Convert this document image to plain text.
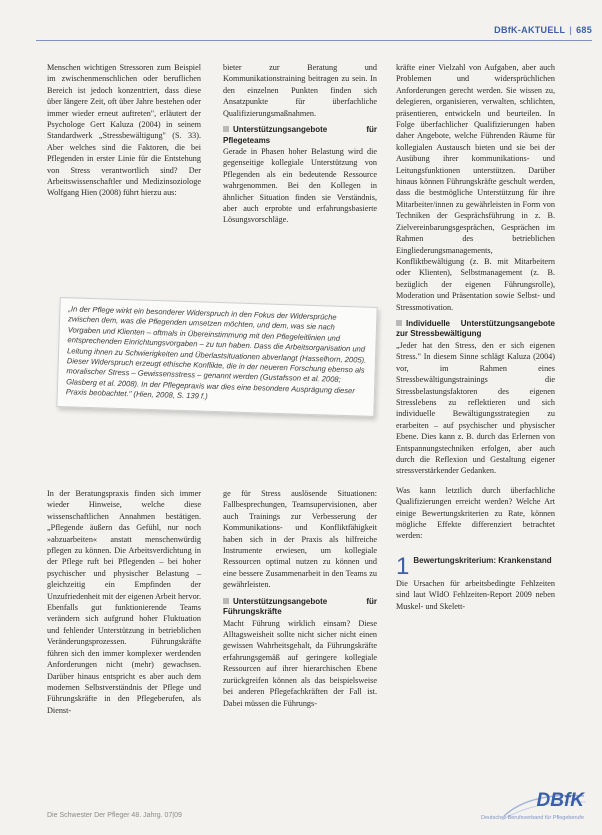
DBfK-AKTUELL | 685

Menschen wichtigen Stressoren zum Beispiel im zwischenmenschlichen oder beruflichen Bereich ist jedoch konzentriert, dass diese über längere Zeit, oft über Jahre bestehen oder immer wieder erneut auftreten", erläutert der Psychologe Gert Kaluza (2004) in seinem Standardwerk „Stressbewältigung" (S. 33). Aber welches sind die Faktoren, die bei Pflegenden in erster Linie für die Entstehung von Stress verantwortlich sind? Der Arbeitswissenschaftler und Medizinsoziologe Wolfgang Hien (2008) führt hierzu aus:

bieter zur Beratung und Kommunikationstraining beitragen zu sein. In den einzelnen Punkten finden sich Ansatzpunkte für überfachliche Qualifizierungsmaßnahmen.

Unterstützungsangebote für Pflegeteams

Gerade in Phasen hoher Belastung wird die gegenseitige kollegiale Unterstützung von Pflegenden als ein bedeutende Ressource wahrgenommen. Bei den Kollegen in ähnlicher Situation finden sie Verständnis, aber auch erprobte und erfahrungsbasierte Lösungsvorschläge.

„In der Pflege wirkt ein besonderer Widerspruch in den Fokus der Widersprüche zwischen dem, was die Pflegenden umsetzen möchten, und dem, was sie nach Vorgaben und Klienten – oftmals in Übereinstimmung mit den Pflegeleitlinien und entsprechenden Einrichtungsvorgaben – zu tun haben. Dass die Arbeitsorganisation und Leitung ihnen zu Schwierigkeiten und Überlastsituationen abverlangt (Hasselhorn, 2005). Dieser Widerspruch erzeugt ethische Konflikte, die in der neueren Forschung ebenso als moralischer Stress – Gewissensstress – genannt werden (Gustafsson et al. 2008; Glasberg et al. 2008). In der Pflegepraxis war dies eine besondere Ausprägung dieser Praxis beobachtet." (Hien, 2008, S. 139 f.)

In der Beratungspraxis finden sich immer wieder Hinweise, welche diese wissenschaftlichen Annahmen bestätigen. „Pflegende äußern das Gefühl, nur noch »abzuarbeiten« anstatt menschenwürdig pflegen zu können. Die Arbeitsverdichtung in der Pflege ruft bei Pflegenden – bei hoher psychischer und physischer Belastung – gleichzeitig ein Empfinden der Unzufriedenheit mit der eigenen Arbeit hervor. Ebenfalls gut funktionierende Teams verändern sich aufgrund hoher Fluktuation und fehlender Unterstützung in betrieblichen Veränderungsprozessen. Führungskräfte führen sich den immer komplexer werdenden Anforderungen nicht (mehr) gewachsen. Darüber hinaus entspricht es aber auch dem modernen Selbstverständnis der Pflege und Führungskräfte in den Pflegeberufen, als Dienst-

ge für Stress auslösende Situationen: Fallbesprechungen, Teamsupervisionen, aber auch Trainings zur Verbesserung der Kommunikations- und Konfliktfähigkeit haben sich in der Praxis als hilfreiche Instrumente erwiesen, um kollegiale Ressourcen optimal nutzen zu können und eine bessere Zusammenarbeit in den Teams zu gewährleisten.

Unterstützungsangebote für Führungskräfte

Macht Führung wirklich einsam? Diese Alltagsweisheit sollte nicht sicher nicht einen gewissen Wahrheitsgehalt, da Führungskräfte erfahrungsgemäß auf geringere kollegiale Ressourcen auf ihrer hierarchischen Ebene zurückgreifen können als das beispielsweise bei anderen Pflegefachkräften der Fall ist. Dabei müssen die Führungs-

kräfte einer Vielzahl von Aufgaben, aber auch Problemen und widersprüchlichen Anforderungen gerecht werden. Sie wissen zu, delegieren, organisieren, verwalten, schlichten, präsentieren, entwickeln und beurteilen. In Folge überfachlicher Qualifizierungen haben daher Angebote, welche Führenden Räume für kollegialen Austausch bieten und sie bei der Ausübung ihrer kommunikations- und Leitungsfunktionen unterstützen. Darüber hinaus können Führungskräfte geschult werden, dass die bestmögliche Unterstützung für ihre Mitarbeiter/innen zu gewährleisten in Form von Techniken der Gesprächsführung in z. B. Zielvereinbarungsgesprächen, Gesprächen im Rahmen des betrieblichen Eingliederungsmanagements, Konfliktbewältigung (z. B. mit Mitarbeitern oder Klienten), Selbstmanagement (z. B. bezüglich der eigenen Führungsrolle), Moderation und Präsentation sowie Selbst- und Stressmotivation.

Individuelle Unterstützungsangebote zur Stressbewältigung

„Jeder hat den Stress, den er sich eigenen Stress." In diesem Sinne schlägt Kaluza (2004) vor, im Rahmen eines Stressbewältigungstrainings die Stressbelastungsfaktoren des eigenen Stresslebens zu reflektieren und sich individuelle Bewältigungsstrategien zu erarbeiten – auf psychischer und physischer Ebene. Dies kann z. B. durch das Erlernen von Entspannungstechniken erfolgen, aber auch durch die Reflexion und Gestaltung eigener stressverstärkender Gedanken.

Was kann letztlich durch überfachliche Qualifizierungen erreicht werden? Welche Art einige Bewertungskriterien zu Rate, können mögliche Effekte differenziert betrachtet werden:

1 Bewertungskriterium: Krankenstand

Die Ursachen für arbeitsbedingte Fehlzeiten sind laut WIdO Fehlzeiten-Report 2009 neben Muskel- und Skelett-

Die Schwester Der Pfleger 48. Jahrg. 07|09
DBfK
Deutscher Berufsverband für Pflegeberufe
